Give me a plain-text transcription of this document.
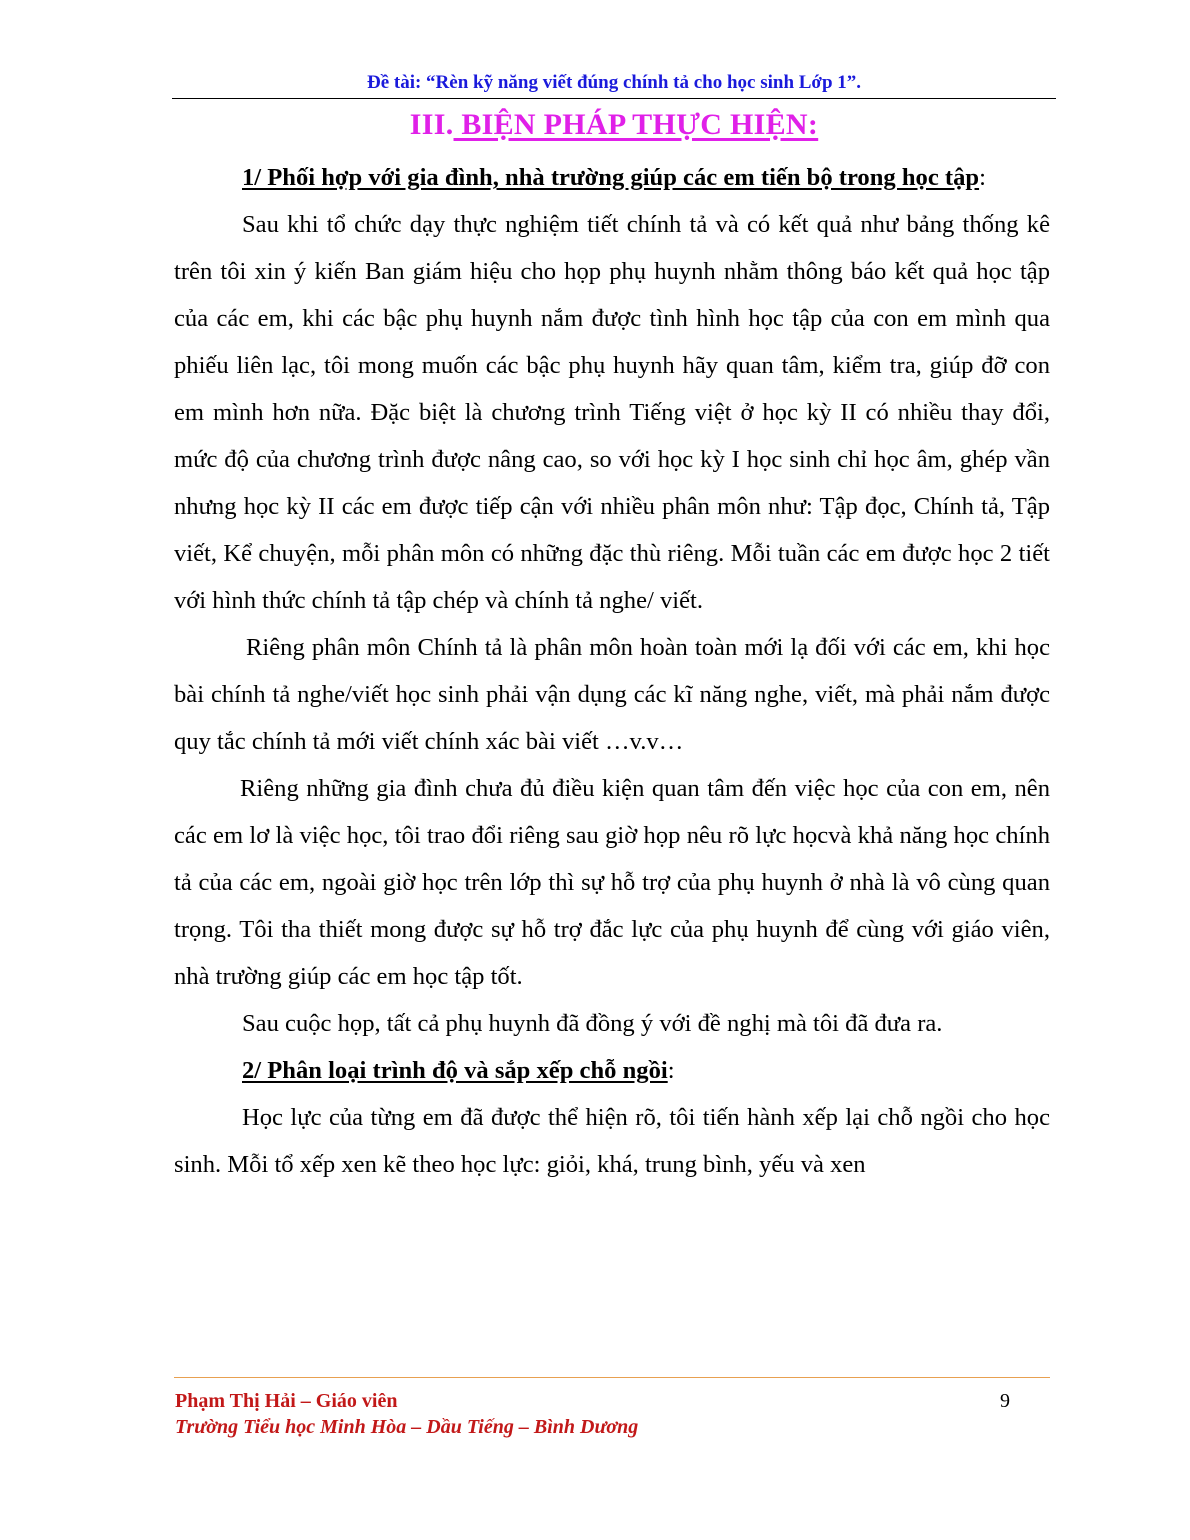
Đề tài: “Rèn kỹ năng viết đúng chính tả cho học sinh Lớp 1”.
III. BIỆN PHÁP THỰC HIỆN:

1/ Phối hợp với gia đình, nhà trường giúp các em tiến bộ trong học tập:

Sau khi tổ chức dạy thực nghiệm tiết chính tả và có kết quả như bảng thống kê trên tôi xin ý kiến Ban giám hiệu cho họp phụ huynh nhằm thông báo kết quả học tập của các em, khi các bậc phụ huynh nắm được tình hình học tập của con em mình qua phiếu liên lạc, tôi mong muốn các bậc phụ huynh hãy quan tâm, kiểm tra, giúp đỡ con em mình hơn nữa. Đặc biệt là chương trình Tiếng việt ở học kỳ II có nhiều thay đổi, mức độ của chương trình được nâng cao, so với học kỳ I học sinh chỉ học âm, ghép vần nhưng học kỳ II các em được tiếp cận với nhiều phân môn như: Tập đọc, Chính tả, Tập viết, Kể chuyện, mỗi phân môn có những đặc thù riêng. Mỗi tuần các em được học 2 tiết với hình thức chính tả tập chép và chính tả nghe/ viết.

Riêng phân môn Chính tả là phân môn hoàn toàn mới lạ đối với các em, khi học bài chính tả nghe/viết học sinh phải vận dụng các kĩ năng nghe, viết, mà phải nắm được quy tắc chính tả mới viết chính xác bài viết …v.v…

Riêng những gia đình chưa đủ điều kiện quan tâm đến việc học của con em, nên các em lơ là việc học, tôi trao đổi riêng sau giờ họp nêu rõ lực họcvà khả năng học chính tả của các em, ngoài giờ học trên lớp thì sự hỗ trợ của phụ huynh ở nhà là vô cùng quan trọng. Tôi tha thiết mong được sự hỗ trợ đắc lực của phụ huynh để cùng với giáo viên, nhà trường giúp các em học tập tốt.

Sau cuộc họp, tất cả phụ huynh đã đồng ý với đề nghị mà tôi đã đưa ra.

2/ Phân loại trình độ và sắp xếp chỗ ngồi:

Học lực của từng em đã được thể hiện rõ, tôi tiến hành xếp lại chỗ ngồi cho học sinh. Mỗi tổ xếp xen kẽ theo học lực: giỏi, khá, trung bình, yếu và xen

Phạm Thị Hải – Giáo viên
Trường Tiểu học Minh Hòa – Dầu Tiếng – Bình Dương
9
